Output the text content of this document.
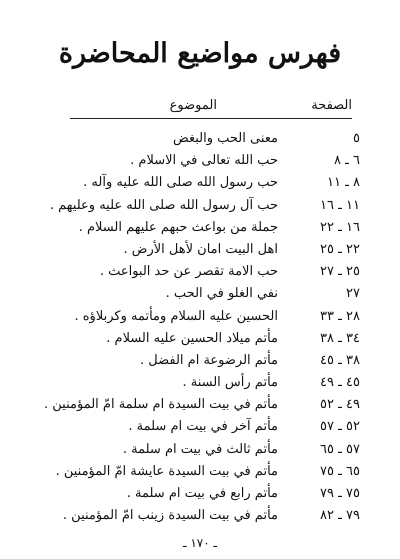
فهرس مواضيع المحاضرة
الصفحة
الموضوع
٥
معنى الحب والبغض
٦ ـ ٨
حب الله تعالى في الاسلام .
٨ ـ ١١
حب رسول الله صلى الله عليه وآله .
١١ ـ ١٦
حب آل رسول الله صلى الله عليه وعليهم .
١٦ ـ ٢٢
جملة من بواعث حبهم عليهم السلام .
٢٢ ـ ٢٥
اهل البيت امان لأهل الأرض .
٢٥ ـ ٢٧
حب الامة تقصر عن حد البواعث .
٢٧
نفي الغلو في الحب .
٢٨ ـ ٣٣
الحسين عليه السلام ومأتمه وكربلاؤه .
٣٤ ـ ٣٨
مأتم ميلاد الحسين عليه السلام .
٣٨ ـ ٤٥
مأتم الرضوعة ام الفضل .
٤٥ ـ ٤٩
مأتم رأس السنة .
٤٩ ـ ٥٢
مأتم في بيت السيدة ام سلمة امّ المؤمنين .
٥٢ ـ ٥٧
مأتم آخر في بيت ام سلمة .
٥٧ ـ ٦٥
مأتم ثالث في بيت ام سلمة .
٦٥ ـ ٧٥
مأتم في بيت السيدة عايشة امّ المؤمنين .
٧٥ ـ ٧٩
مأتم رابع في بيت ام سلمة .
٧٩ ـ ٨٢
مأتم في بيت السيدة زينب امّ المؤمنين .
ـ ١٧٠ ـ
